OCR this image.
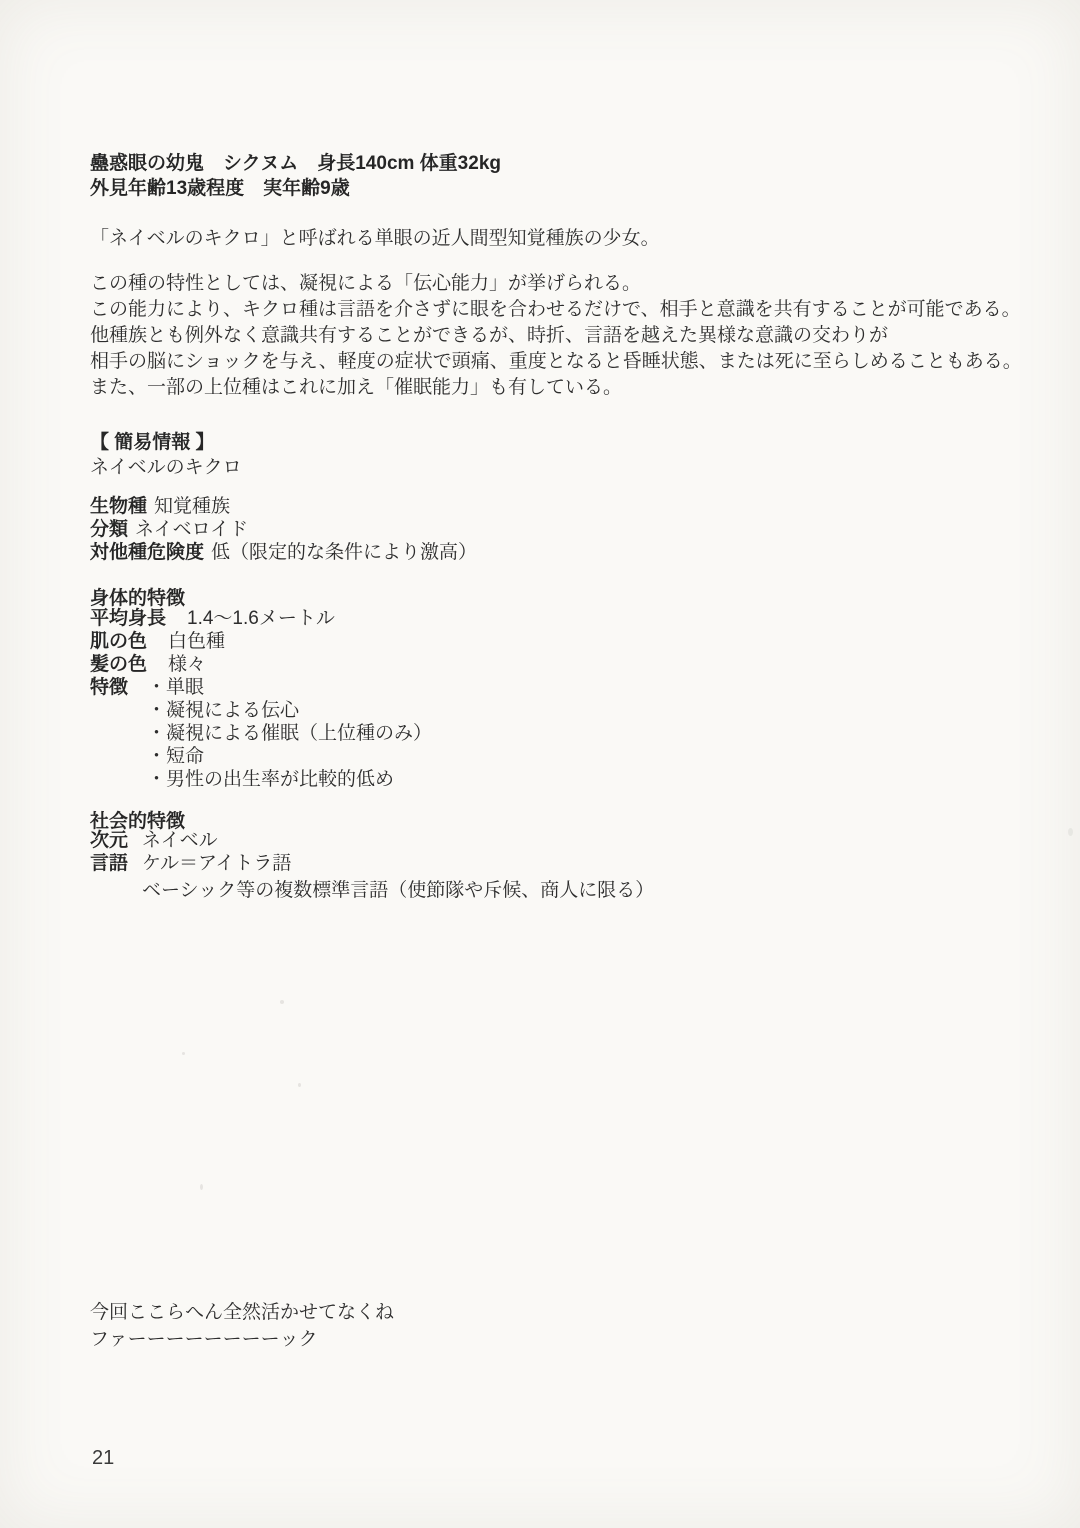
蠱惑眼の幼鬼　シクヌム　身長140cm 体重32kg
外見年齢13歳程度　実年齢9歳
「ネイベルのキクロ」と呼ばれる単眼の近人間型知覚種族の少女。
この種の特性としては、凝視による「伝心能力」が挙げられる。
この能力により、キクロ種は言語を介さずに眼を合わせるだけで、相手と意識を共有することが可能である。
他種族とも例外なく意識共有することができるが、時折、言語を越えた異様な意識の交わりが
相手の脳にショックを与え、軽度の症状で頭痛、重度となると昏睡状態、または死に至らしめることもある。
また、一部の上位種はこれに加え「催眠能力」も有している。
【 簡易情報 】
ネイベルのキクロ
生物種 知覚種族
分類 ネイベロイド
対他種危険度 低（限定的な条件により激高）
身体的特徴
平均身長 1.4〜1.6メートル
肌の色 白色種
髪の色 様々
特徴 ・単眼
・凝視による伝心
・凝視による催眠（上位種のみ）
・短命
・男性の出生率が比較的低め
社会的特徴
次元 ネイベル
言語 ケル＝アイトラ語
ベーシック等の複数標準言語（使節隊や斥候、商人に限る）
今回ここらへん全然活かせてなくね
ファーーーーーーーーック
21
